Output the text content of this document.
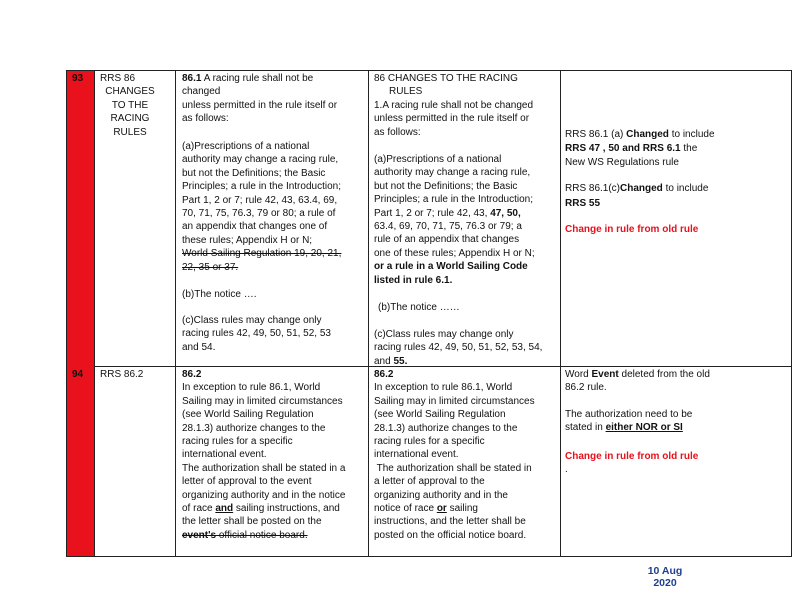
93 RRS 86
CHANGES
TO THE
RACING
RULES
86.1 A racing rule shall not be
changed
unless permitted in the rule itself or
as follows:
(a)Prescriptions of a national
authority may change a racing rule,
but not the Definitions; the Basic
Principles; a rule in the Introduction;
Part 1, 2 or 7; rule 42, 43, 63.4, 69,
70, 71, 75, 76.3, 79 or 80; a rule of
an appendix that changes one of
these rules; Appendix H or N;
World Sailing Regulation 19, 20, 21,
22, 35 or 37.
(b)The notice ….
(c)Class rules may change only
racing rules 42, 49, 50, 51, 52, 53
and 54.
86 CHANGES TO THE RACING
RULES
1.A racing rule shall not be changed
unless permitted in the rule itself or
as follows:
(a)Prescriptions of a national
authority may change a racing rule,
but not the Definitions; the Basic
Principles; a rule in the Introduction;
Part 1, 2 or 7; rule 42, 43, 47, 50,
63.4, 69, 70, 71, 75, 76.3 or 79; a
rule of an appendix that changes
one of these rules; Appendix H or N;
or a rule in a World Sailing Code
listed in rule 6.1.
(b)The notice ……
(c)Class rules may change only
racing rules 42, 49, 50, 51, 52, 53, 54,
and 55.
RRS 86.1 (a) Changed to include
RRS 47 , 50 and RRS 6.1 the
New WS Regulations rule
RRS 86.1(c)Changed to include
RRS 55
Change in rule from old rule
94 RRS 86.2	86.2
In exception to rule 86.1, World
Sailing may in limited circumstances
(see World Sailing Regulation
28.1.3) authorize changes to the
racing rules for a specific
international event.
The authorization shall be stated in a
letter of approval to the event
organizing authority and in the notice
of race and sailing instructions, and
the letter shall be posted on the
event's official notice board.
86.2
In exception to rule 86.1, World
Sailing may in limited circumstances
(see World Sailing Regulation
28.1.3) authorize changes to the
racing rules for a specific
international event.
The authorization shall be stated in
a letter of approval to the
organizing authority and in the
notice of race or sailing
instructions, and the letter shall be
posted on the official notice board.
Word Event deleted from the old
86.2 rule.
The authorization need to be
stated in either NOR or SI
Change in rule from old rule
.
10 Aug
2020
